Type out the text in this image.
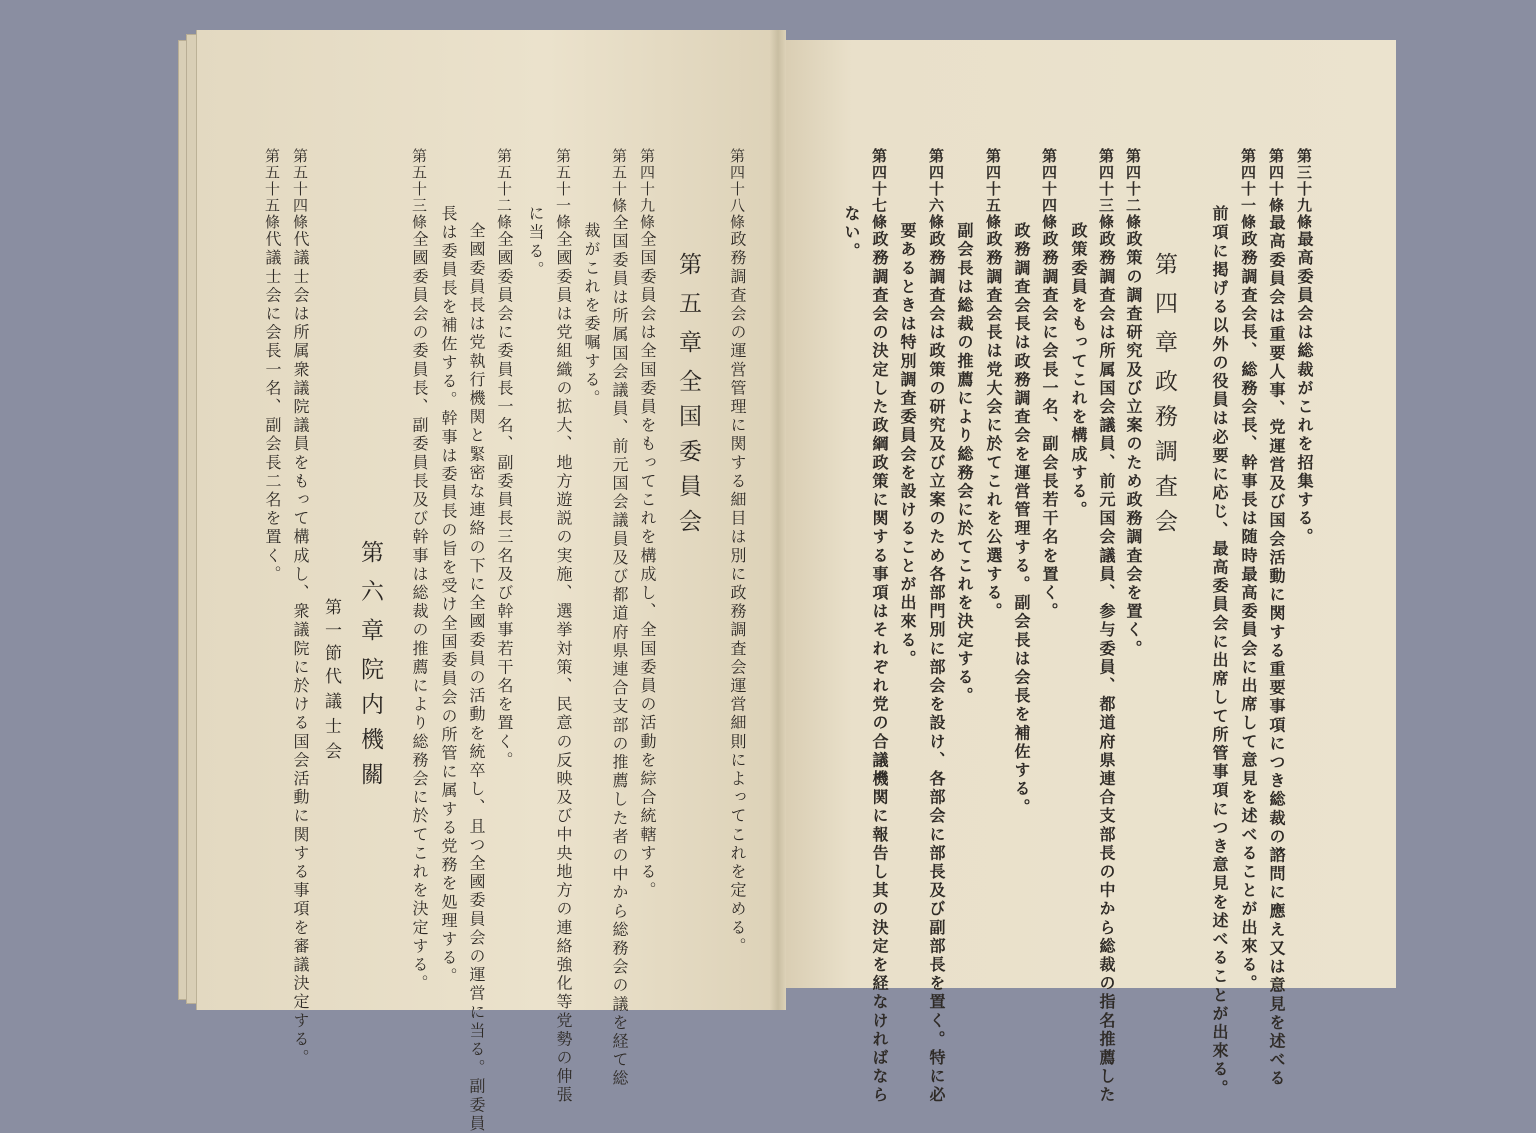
第三十九條最高委員会は総裁がこれを招集する。
第四十條最高委員会は重要人事、党運営及び国会活動に関する重要事項につき総裁の諮問に應え又は意見を述べる
第四十一條政務調査会長、総務会長、幹事長は随時最高委員会に出席して意見を述べることが出來る。
前項に掲げる以外の役員は必要に応じ、最高委員会に出席して所管事項につき意見を述べることが出來る。
第四章政務調査会
第四十二條政策の調査研究及び立案のため政務調査会を置く。
第四十三條政務調査会は所属国会議員、前元国会議員、参与委員、都道府県連合支部長の中から総裁の指名推薦した
政策委員をもってこれを構成する。
第四十四條政務調査会に会長一名、副会長若干名を置く。
政務調査会長は政務調査会を運営管理する。副会長は会長を補佐する。
第四十五條政務調査会長は党大会に於てこれを公選する。
副会長は総裁の推薦により総務会に於てこれを決定する。
第四十六條政務調査会は政策の研究及び立案のため各部門別に部会を設け、各部会に部長及び副部長を置く。特に必
要あるときは特別調査委員会を設けることが出來る。
第四十七條政務調査会の決定した政綱政策に関する事項はそれぞれ党の合議機関に報告し其の決定を経なければなら
ない。
第四十八條政務調査会の運営管理に関する細目は別に政務調査会運営細則によってこれを定める。
第五章全国委員会
第四十九條全国委員会は全国委員をもってこれを構成し、全国委員の活動を綜合統轄する。
第五十條全国委員は所属国会議員、前元国会議員及び都道府県連合支部の推薦した者の中から総務会の議を経て総
裁がこれを委嘱する。
第五十一條全國委員は党組織の拡大、地方遊説の実施、選挙対策、民意の反映及び中央地方の連絡強化等党勢の伸張
に当る。
第五十二條全國委員会に委員長一名、副委員長三名及び幹事若干名を置く。
全國委員長は党執行機関と緊密な連絡の下に全國委員の活動を統卒し、且つ全國委員会の運営に当る。副委員
長は委員長を補佐する。幹事は委員長の旨を受け全国委員会の所管に属する党務を処理する。
第五十三條全國委員会の委員長、副委員長及び幹事は総裁の推薦により総務会に於てこれを決定する。
第六章院内機關
第一節代議士会
第五十四條代議士会は所属衆議院議員をもって構成し、衆議院に於ける国会活動に関する事項を審議決定する。
第五十五條代議士会に会長一名、副会長二名を置く。
